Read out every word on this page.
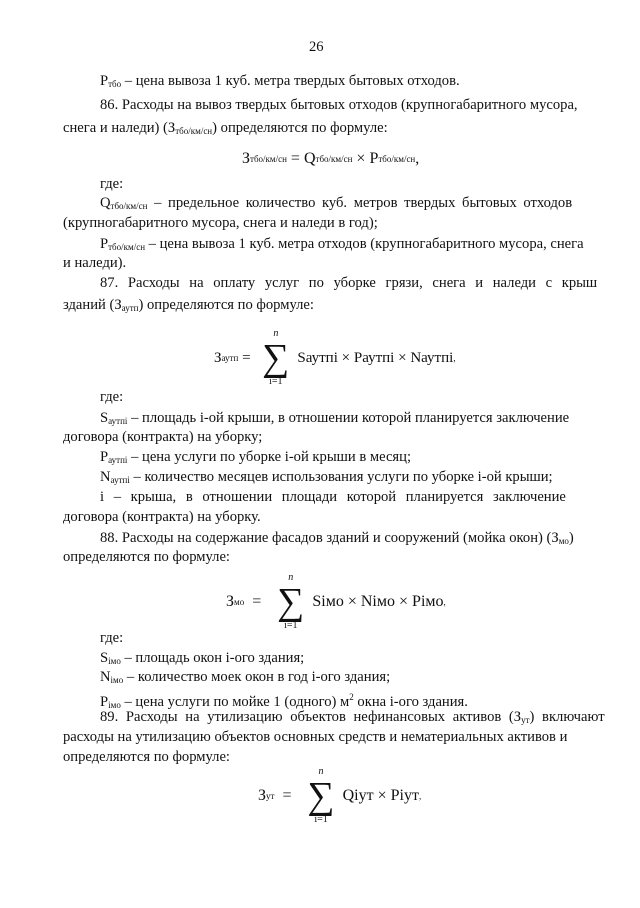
26
$Р_{тбо}$ – цена вывоза 1 куб. метра твердых бытовых отходов.
86. Расходы на вывоз твердых бытовых отходов (крупногабаритного мусора,
снега и наледи) $(З_{тбо/км/сн})$ определяются по формуле:
З тбо/км/сн = Q тбо/км/сн × Р тбо/км/сн ,
где:
$Q_{тбо/км/сн}$ – предельное количество куб. метров твердых бытовых отходов
(крупногабаритного мусора, снега и наледи в год);
$Р_{тбо/км/сн}$ – цена вывоза 1 куб. метра отходов (крупногабаритного мусора, снега
и наледи).
87. Расходы на оплату услуг по уборке грязи, снега и наледи с крыш
зданий $(З_{аутп})$ определяются по формуле:
З аутп =
n
∑
i=1
S аутпi × Р аутпi × N аутпi ,
где:
$S_{аутпi}$ – площадь i-ой крыши, в отношении которой планируется заключение
договора (контракта) на уборку;
$Р_{аутпi}$ – цена услуги по уборке i-ой крыши в месяц;
$N_{аутпi}$ – количество месяцев использования услуги по уборке i-ой крыши;
i – крыша, в отношении площади которой планируется заключение
договора (контракта) на уборку.
88. Расходы на содержание фасадов зданий и сооружений (мойка окон) $(З_{мо})$
определяются по формуле:
З мо =
n
∑
i=1
S iмо × N iмо × Р iмо ,
где:
$S_{iмо}$ – площадь окон i-ого здания;
$N_{iмо}$ – количество моек окон в год i-ого здания;
$Р_{iмо}$ – цена услуги по мойке 1 (одного) $м^2$ окна i-ого здания.
89. Расходы на утилизацию объектов нефинансовых активов $(З_{ут})$ включают
расходы на утилизацию объектов основных средств и нематериальных активов и
определяются по формуле:
З ут =
n
∑
i=1
Q iут × Р iут ,
